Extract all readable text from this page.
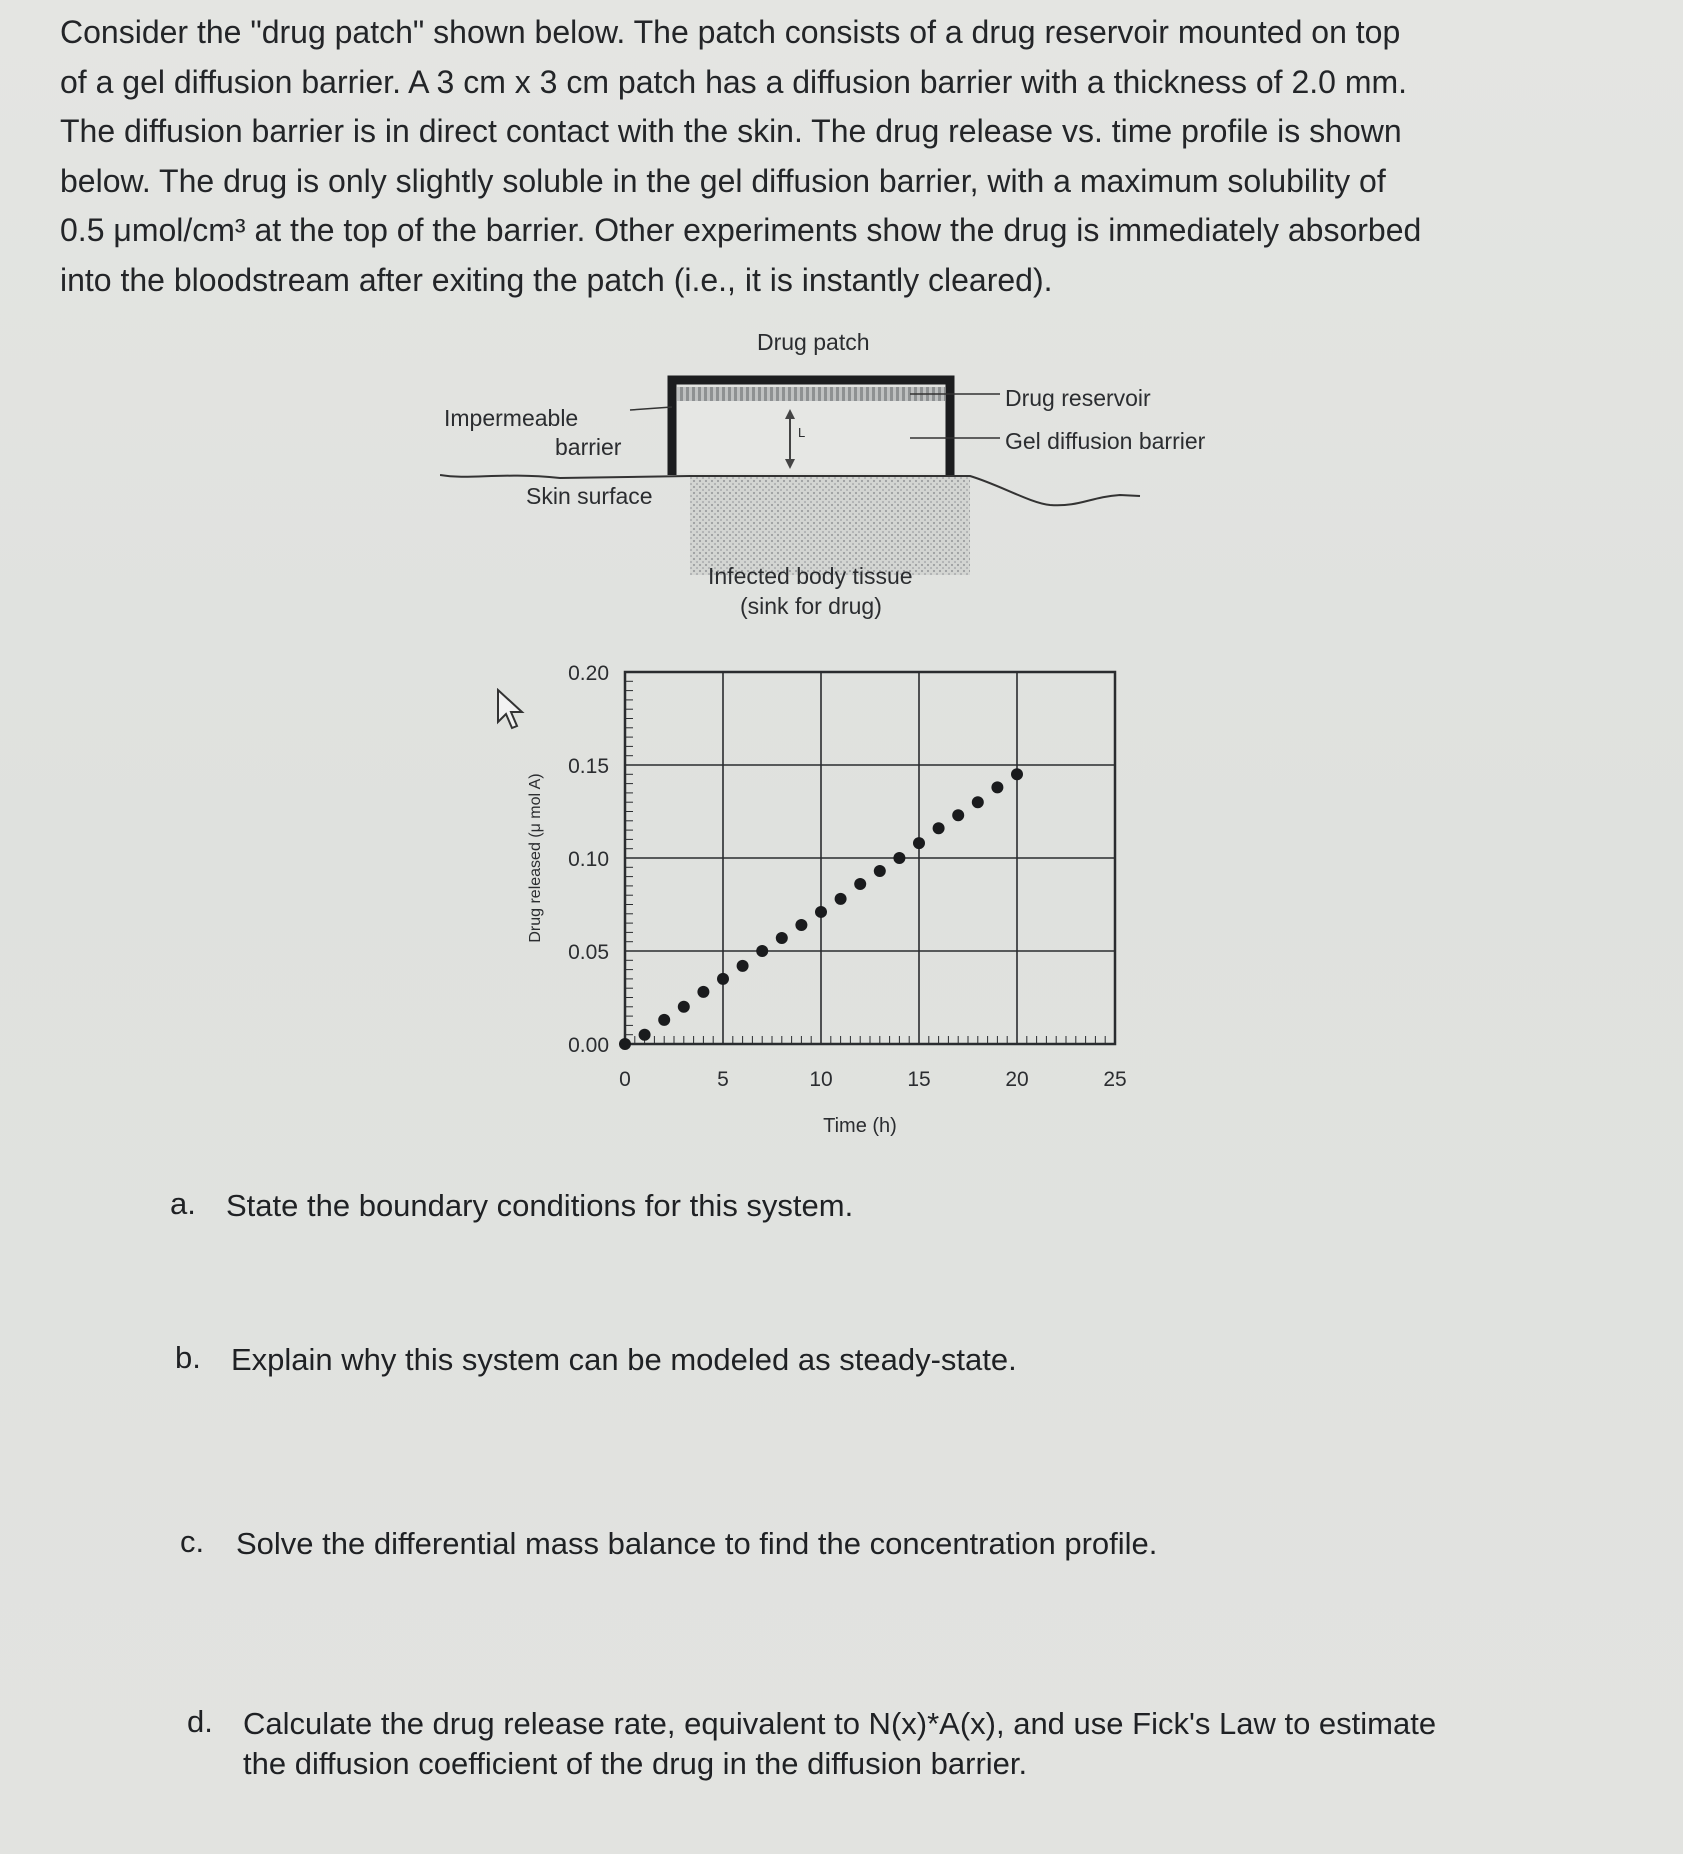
Consider the "drug patch" shown below. The patch consists of a drug reservoir mounted on top
of a gel diffusion barrier. A 3 cm x 3 cm patch has a diffusion barrier with a thickness of 2.0 mm.
The diffusion barrier is in direct contact with the skin. The drug release vs. time profile is shown
below. The drug is only slightly soluble in the gel diffusion barrier, with a maximum solubility of
0.5 μmol/cm³ at the top of the barrier. Other experiments show the drug is immediately absorbed
into the bloodstream after exiting the patch (i.e., it is instantly cleared).
Drug patch
Impermeable
barrier
Skin surface
Drug reservoir
Gel diffusion barrier
L
Infected body tissue
(sink for drug)
0	5	10	15	20	25
0.00
0.05
0.10
0.15
0.20
Time (h)
Drug released (μ mol A)
a. State the boundary conditions for this system.
b. Explain why this system can be modeled as steady-state.
c. Solve the differential mass balance to find the concentration profile.
d. Calculate the drug release rate, equivalent to N(x)*A(x), and use Fick's Law to estimate
the diffusion coefficient of the drug in the diffusion barrier.
